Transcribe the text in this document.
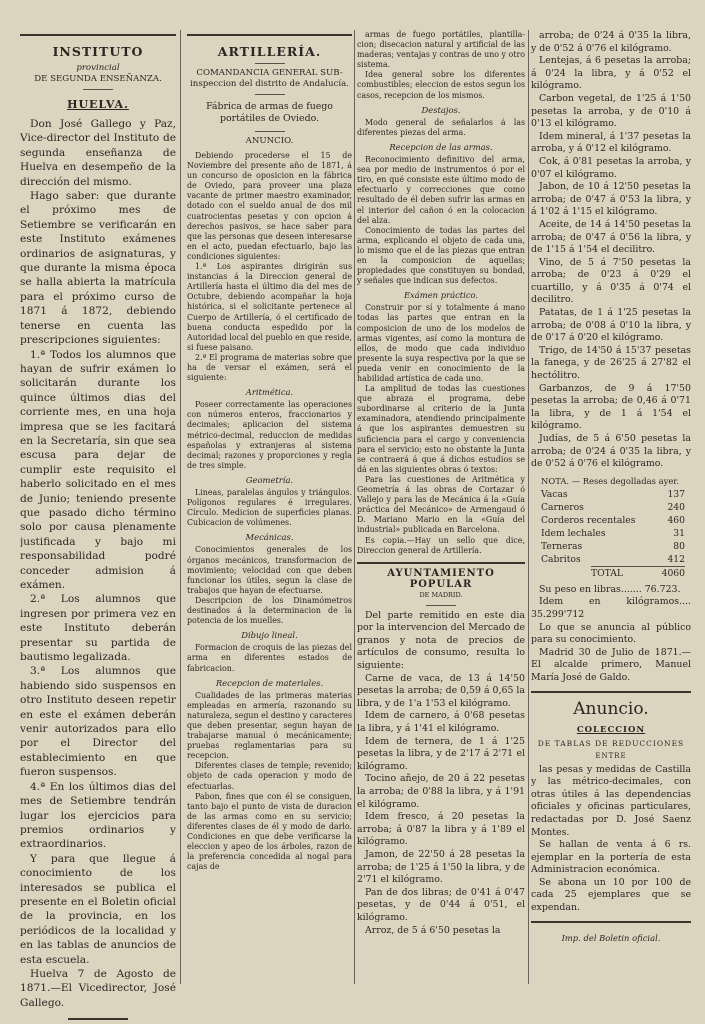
INSTITUTO
provincial
DE SEGUNDA ENSEÑANZA.
HUELVA.

Don José Gallego y Paz, Vice-director del Instituto de segunda enseñanza de Huelva en desempeño de la dirección del mismo.

Hago saber: que durante el próximo mes de Setiembre se verificarán en este Instituto exámenes ordinarios de asignaturas, y que durante la misma época se halla abierta la matrícula para el próximo curso de 1871 á 1872, debiendo tenerse en cuenta las prescripciones siguientes:

1.ª Todos los alumnos que hayan de sufrir exámen lo solicitarán durante los quince últimos dias del corriente mes, en una hoja impresa que se les facitará en la Secretaría, sin que sea escusa para dejar de cumplir este requisito el haberlo solicitado en el mes de Junio; teniendo presente que pasado dicho término solo por causa plenamente justificada y bajo mi responsabilidad podré conceder admision á exámen.

2.ª Los alumnos que ingresen por primera vez en este Instituto deberán presentar su partida de bautismo legalizada.

3.ª Los alumnos que habiendo sido suspensos en otro Instituto deseen repetir en este el exámen deberán venir autorizados para ello por el Director del establecimiento en que fueron suspensos.

4.ª En los últimos dias del mes de Setiembre tendrán lugar los ejercicios para premios ordinarios y extraordinarios.

Y para que llegue á conocimiento de los interesados se publica el presente en el Boletin oficial de la provincia, en los periódicos de la localidad y en las tablas de anuncios de esta escuela.

Huelva 7 de Agosto de 1871.—El Vicedirector, José Gallego.

ARTILLERÍA.
COMANDANCIA GENERAL SUB-inspeccion del distrito de Andalucía.
Fábrica de armas de fuego portátiles de Oviedo.
ANUNCIO.

Debiendo procederse el 15 de Noviembre del presente año de 1871, á un concurso de oposicion en la fábrica de Oviedo, para proveer una plaza vacante de primer maestro examinador, dotado con el sueldo anual de dos mil cuatrocientas pesetas y con opcion á derechos pasivos, se hace saber para que las personas que deseen interesarse en el acto, puedan efectuarlo, bajo las condiciones siguientes:

1.ª Los aspirantes dirigirán sus instancias á la Direccion general de Artillería hasta el último dia del mes de Octubre, debiendo acompañar la hoja histórica, si el solicitante pertenece al Cuerpo de Artillería, ó el certificado de buena conducta espedido por la Autoridad local del pueblo en que reside, si fuese paisano.

2.ª El programa de materias sobre que ha de versar el exámen, será el siguiente:

Aritmética.

Poseer correctamente las operaciones con números enteros, fraccionarios y decimales; aplicacion del sistema métrico-decimal, reduccion de medidas españolas y extranjeras al sistema decimal; razones y proporciones y regla de tres simple.

Geometría.

Lineas, paralelas ángulos y triángulos. Polígonos regulares é irregulares. Círculo. Medicion de superficies planas. Cubicacion de volúmenes.

Mecánicas.

Conocimientos generales de los órganos mecánicos, transformacion de movimiento; velocidad con que deben funcionar los útiles, segun la clase de trabajos que hayan de efectuarse.

Descripcion de los Dinamómetros destinados á la determinacion de la potencia de los muelles.

Dibujo lineal.

Formacion de croquis de las piezas del arma en diferentes estados de fabricacion.

Recepcion de materiales.

Cualidades de las primeras materias empleadas en armería, razonando su naturaleza, segun el destino y caracteres que deben presentar, segun hayan de trabajarse manual ó mecánicamente; pruebas reglamentarias para su recepcion.

Diferentes clases de temple; revenido; objeto de cada operacion y modo de efectuarlas.

Pabon, fines que con él se consiguen, tanto bajo el punto de vista de duracion de las armas como en su servicio; diferentes clases de él y modo de darlo. Condiciones en que debe verificarse la eleccion y apeo de los árboles, razon de la preferencia concedida al nogal para cajas de

armas de fuego portátiles, plantilla-cion; disecacion natural y artificial de las maderas; ventajas y contras de uno y otro sistema.

Idea general sobre los diferentes combustibles; eleccion de estos segun los casos, recepcion de los mismos.

Destajos.

Modo general de señalarlos á las diferentes piezas del arma.

Recepcion de las armas.

Reconocimiento definitivo del arma, sea por medio de instrumentos ó por el tiro, en qué consiste este último modo de efectuarlo y correcciones que como resultado de él deben sufrir las armas en el interior del cañon ó en la colocacion del alza.

Conocimiento de todas las partes del arma, explicando el objeto de cada una, lo mismo que el de las piezas que entran en la composicion de aquellas; propiedades que constituyen su bondad, y señales que indican sus defectos.

Exámen práctico.

Construir por sí y totalmente á mano todas las partes que entran en la composicion de uno de los modelos de armas vigentes, así como la montura de ellos, de modo que cada individuo presente la suya respectiva por la que se pueda venir en conocimiento de la habilidad artística de cada uno.

La amplitud de todas las cuestiones que abraza el programa, debe subordinarse al criterio de la Junta examinadora, atendiendo principalmente á que los aspirantes demuestren su suficiencia para el cargo y conveniencia para el servicio; esto no obstante la Junta se contraerá á que á dichos estudios se dá en las siguientes obras ó textos:

Para las cuestiones de Aritmética y Geometría á las obras de Cortazar ó Vallejo y para las de Mecánica á la «Guía práctica del Mecánico» de Armengaud ó D. Mariano Mario en la «Guía del industrial» publicada en Barcelona.

Es copia.—Hay un sello que dice, Direccion general de Artillería.

AYUNTAMIENTO POPULAR
DE MADRID.

Del parte remitido en este dia por la intervencion del Mercado de granos y nota de precios de artículos de consumo, resulta lo siguiente:

Carne de vaca, de 13 á 14'50 pesetas la arroba; de 0,59 á 0,65 la libra, y de 1'a 1'53 el kilógramo.

Idem de carnero, á 0'68 pesetas la libra, y á 1'41 el kilógramo.

Idem de ternera, de 1 á 1'25 pesetas la libra, y de 2'17 á 2'71 el kilógramo.

Tocino añejo, de 20 á 22 pesetas la arroba; de 0'88 la libra, y á 1'91 el kilógramo.

Idem fresco, á 20 pesetas la arroba; á 0'87 la libra y á 1'89 el kilógramo.

Jamon, de 22'50 á 28 pesetas la arroba; de 1'25 á 1'50 la libra, y de 2'71 el kilógramo.

Pan de dos libras; de 0'41 á 0'47 pesetas, y de 0'44 á 0'51, el kilógramo.

Arroz, de 5 á 6'50 pesetas la

arroba; de 0'24 á 0'35 la libra, y de 0'52 á 0'76 el kilógramo.

Lentejas, á 6 pesetas la arroba; á 0'24 la libra, y á 0'52 el kilógramo.

Carbon vegetal, de 1'25 á 1'50 pesetas la arroba, y de 0'10 á 0'13 el kilógramo.

Idem mineral, á 1'37 pesetas la arroba, y á 0'12 el kilógramo.

Cok, á 0'81 pesetas la arroba, y 0'07 el kilógramo.

Jabon, de 10 á 12'50 pesetas la arroba; de 0'47 á 0'53 la libra, y á 1'02 á 1'15 el kilógramo.

Aceite, de 14 á 14'50 pesetas la arroba; de 0'47 á 0'56 la libra, y de 1'15 á 1'54 el decilitro.

Vino, de 5 á 7'50 pesetas la arroba; de 0'23 á 0'29 el cuartillo, y á 0'35 á 0'74 el decilitro.

Patatas, de 1 á 1'25 pesetas la arroba; de 0'08 á 0'10 la libra, y de 0'17 á 0'20 el kilógramo.

Trigo, de 14'50 á 15'37 pesetas la fanega, y de 26'25 á 27'82 el hectólitro.

Garbanzos, de 9 á 17'50 pesetas la arroba; de 0,46 á 0'71 la libra, y de 1 á 1'54 el kilógramo.

Judías, de 5 á 6'50 pesetas la arroba; de 0'24 á 0'35 la libra, y de 0'52 á 0'76 el kilógramo.

NOTA. — Reses degolladas ayer.
Vacas	137
Carneros	240
Corderos recentales	460
Idem lechales	31
Terneras	80
Cabritos	412
TOTAL	4060

Su peso en libras....... 76.723.

Idem en kilógramos.... 35.299'712

Lo que se anuncia al público para su conocimiento.

Madrid 30 de Julio de 1871.— El alcalde primero, Manuel María José de Galdo.

Anuncio.
COLECCION
DE TABLAS DE REDUCCIONES
ENTRE

las pesas y medidas de Castilla y las métrico-decimales, con otras útiles á las dependencias oficiales y oficinas particulares, redactadas por D. José Saenz Montes.

Se hallan de venta á 6 rs. ejemplar en la portería de esta Administracion económica.

Se abona un 10 por 100 de cada 25 ejemplares que se expendan.

Imp. del Boletin oficial.
